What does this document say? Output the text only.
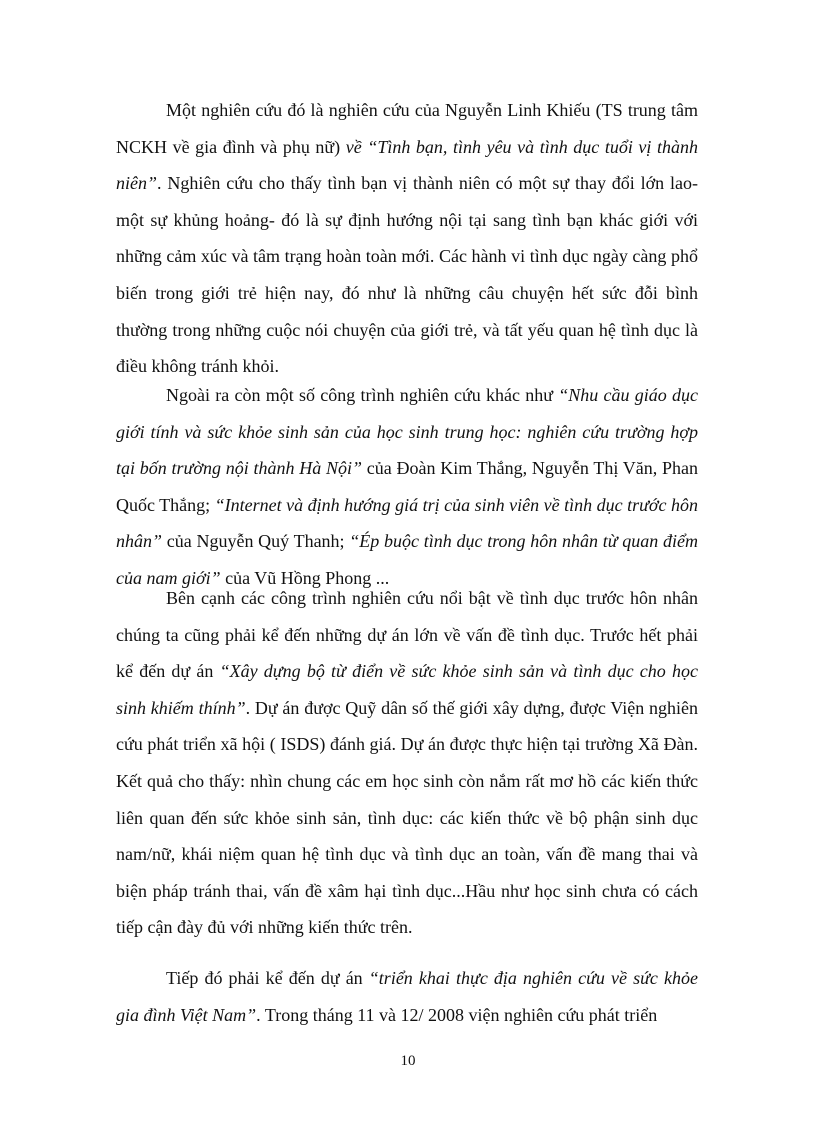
Một nghiên cứu đó là nghiên cứu của Nguyễn Linh Khiếu (TS trung tâm NCKH về gia đình và phụ nữ) về “Tình bạn, tình yêu và tình dục tuổi vị thành niên”. Nghiên cứu cho thấy tình bạn vị thành niên có một sự thay đổi lớn lao- một sự khủng hoảng- đó là sự định hướng nội tại sang tình bạn khác giới với những cảm xúc và tâm trạng hoàn toàn mới. Các hành vi tình dục ngày càng phổ biến trong giới trẻ hiện nay, đó như là những câu chuyện hết sức đỗi bình thường trong những cuộc nói chuyện của giới trẻ, và tất yếu quan hệ tình dục là điều không tránh khỏi.

Ngoài ra còn một số công trình nghiên cứu khác như “Nhu cầu giáo dục giới tính và sức khỏe sinh sản của học sinh trung học: nghiên cứu trường hợp tại bốn trường nội thành Hà Nội” của Đoàn Kim Thắng, Nguyễn Thị Văn, Phan Quốc Thắng; “Internet và định hướng giá trị của sinh viên về tình dục trước hôn nhân” của Nguyễn Quý Thanh; “Ép buộc tình dục trong hôn nhân từ quan điểm của nam giới” của Vũ Hồng Phong ...

Bên cạnh các công trình nghiên cứu nổi bật về tình dục trước hôn nhân chúng ta cũng phải kể đến những dự án lớn về vấn đề tình dục. Trước hết phải kể đến dự án “Xây dựng bộ từ điển về sức khỏe sinh sản và tình dục cho học sinh khiếm thính”. Dự án được Quỹ dân số thế giới xây dựng, được Viện nghiên cứu phát triển xã hội ( ISDS) đánh giá. Dự án được thực hiện tại trường Xã Đàn. Kết quả cho thấy: nhìn chung các em học sinh còn nắm rất mơ hồ các kiến thức liên quan đến sức khỏe sinh sản, tình dục: các kiến thức về bộ phận sinh dục nam/nữ, khái niệm quan hệ tình dục và tình dục an toàn, vấn đề mang thai và biện pháp tránh thai, vấn đề xâm hại tình dục...Hầu như học sinh chưa có cách tiếp cận đày đủ với những kiến thức trên.

Tiếp đó phải kể đến dự án “triển khai thực địa nghiên cứu về sức khỏe gia đình Việt Nam”. Trong tháng 11 và 12/ 2008 viện nghiên cứu phát triển

10
